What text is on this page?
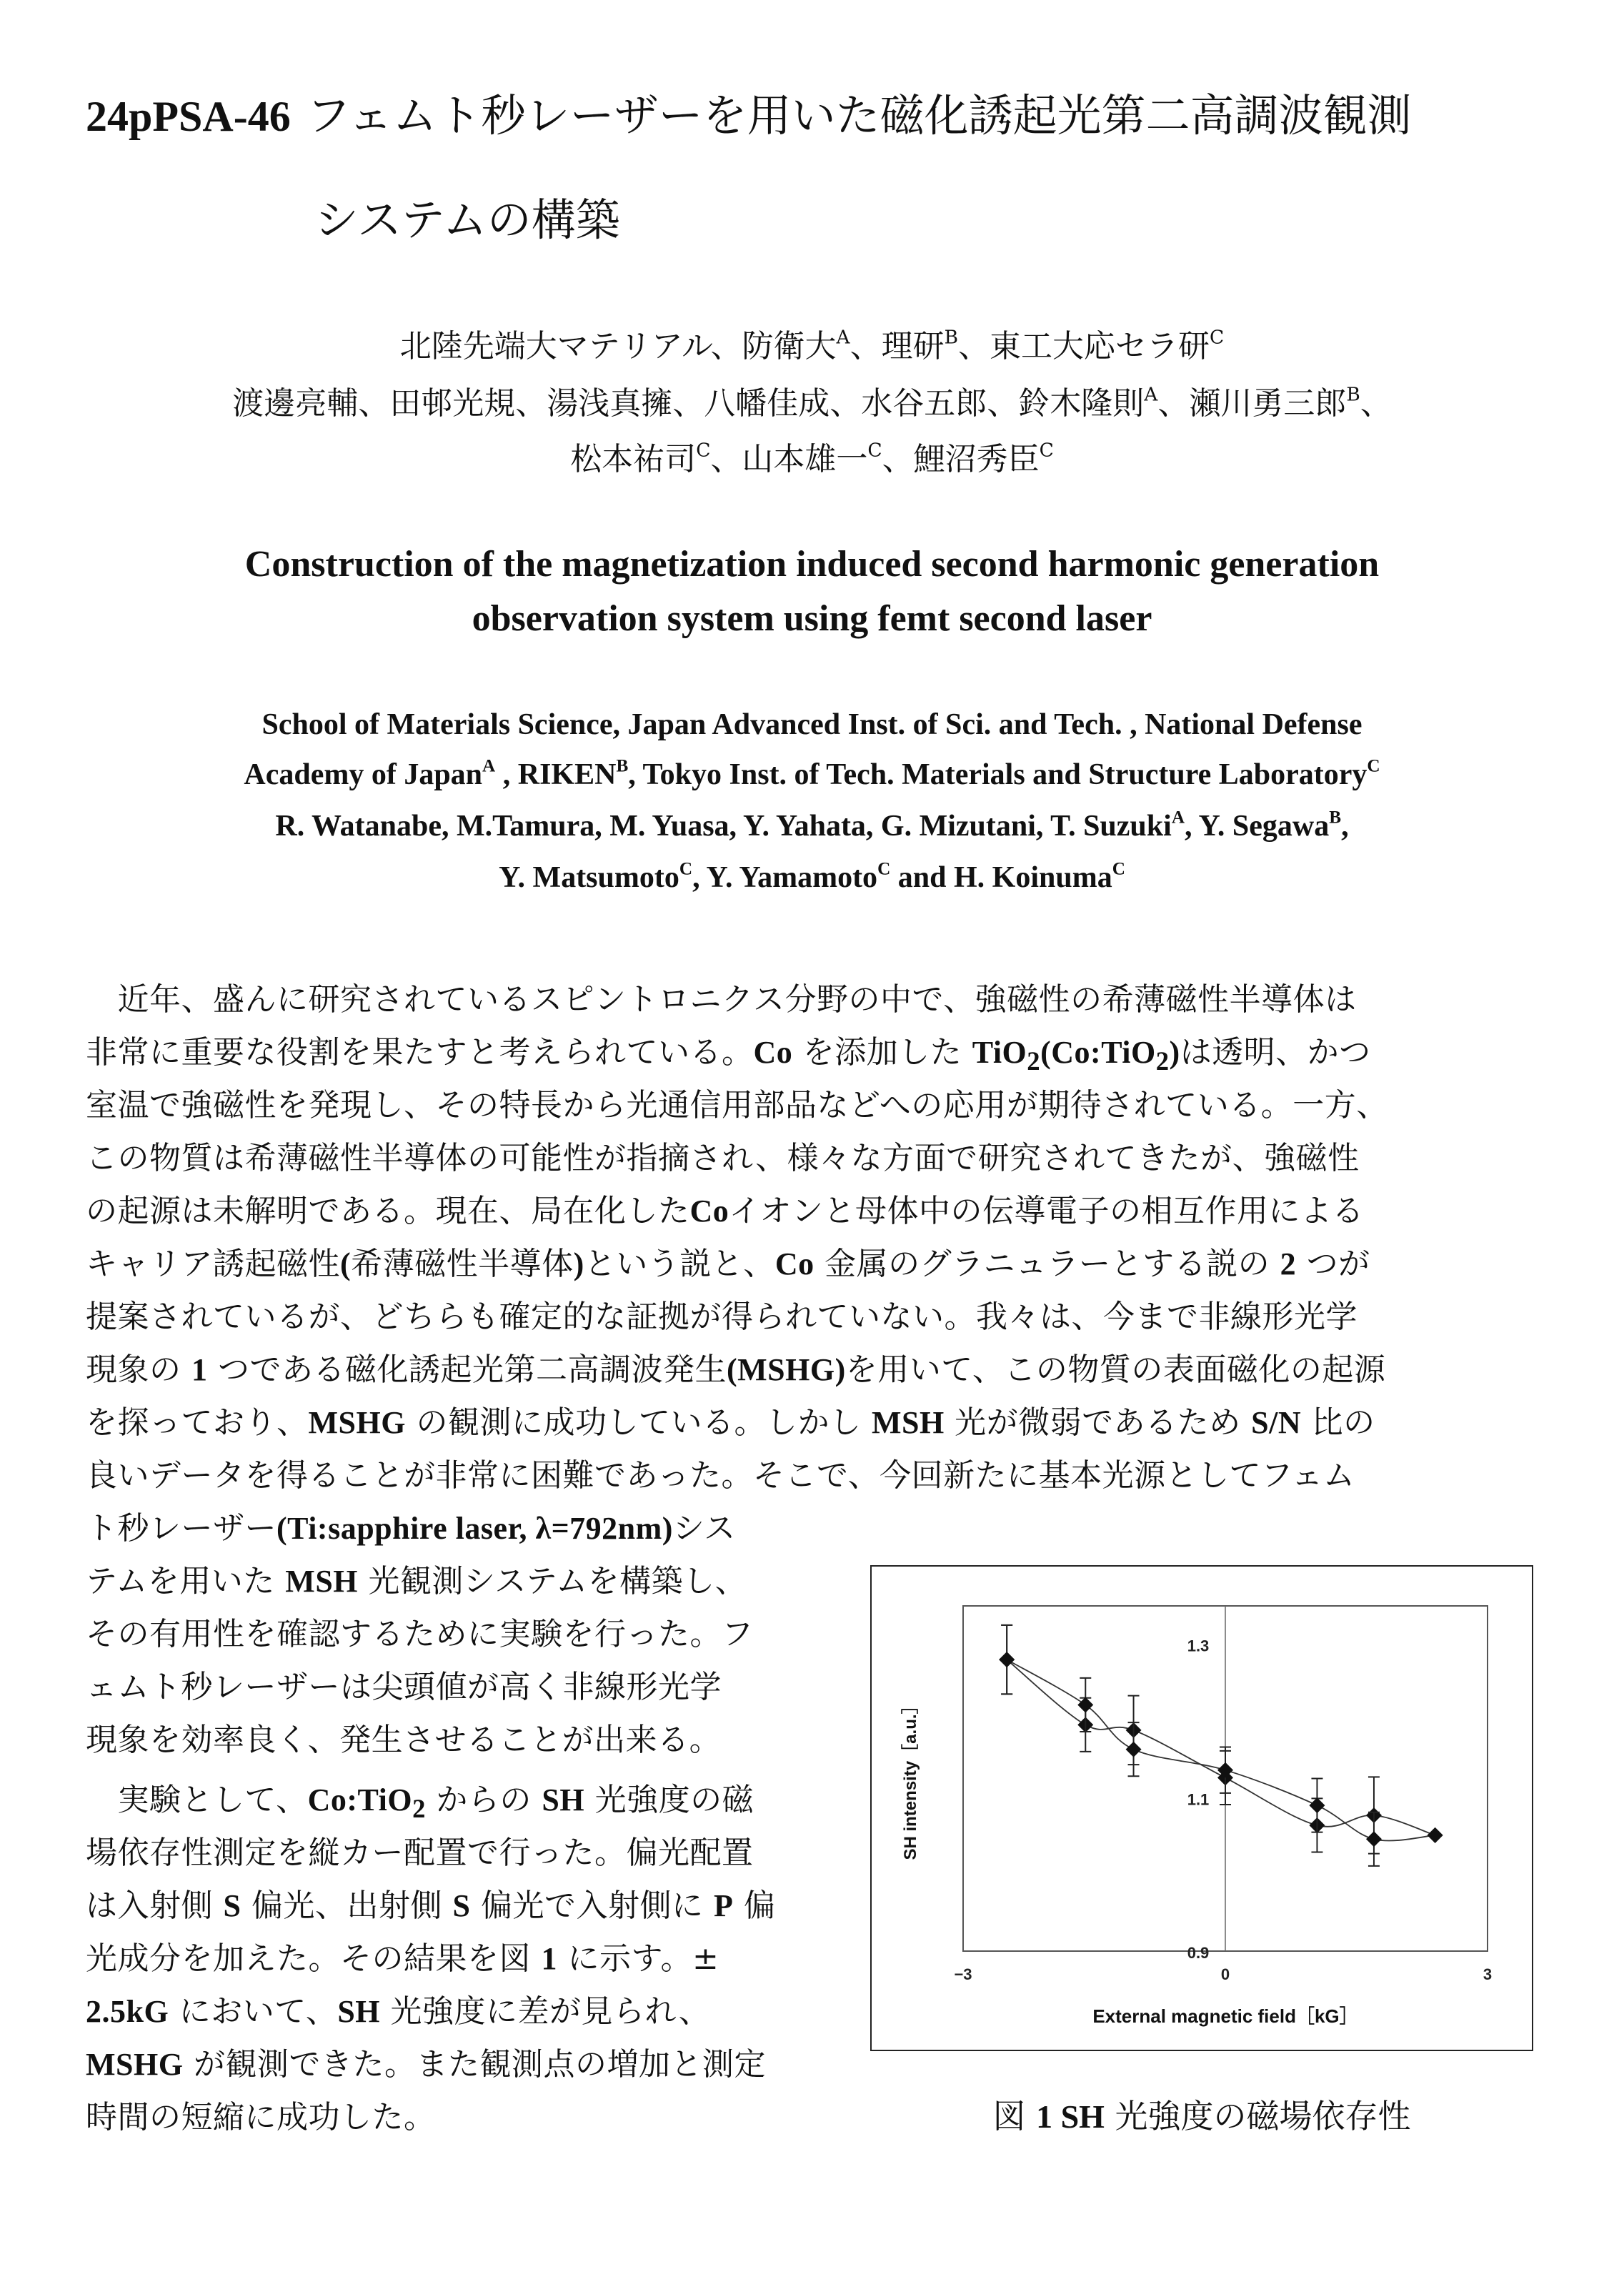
24pPSA-46 フェムト秒レーザーを用いた磁化誘起光第二高調波観測
システムの構築
北陸先端大マテリアル、防衛大$^A$、理研$^B$、東工大応セラ研$^C$
渡邊亮輔、田邨光規、湯浅真擁、八幡佳成、水谷五郎、鈴木隆則$^A$、瀬川勇三郎$^B$、
松本祐司$^C$、山本雄一$^C$、鯉沼秀臣$^C$
Construction of the magnetization induced second harmonic generation
observation system using femt second laser
School of Materials Science, Japan Advanced Inst. of Sci. and Tech. , National Defense
Academy of Japan$^A$ , $RIKEN^B$, Tokyo Inst. of Tech. Materials and Structure Laboratory$^C$
R. Watanabe, M.Tamura, M. Yuasa, Y. Yahata, G. Mizutani, T. Suzuki$^A$, Y. Segawa$^B$,
Y. Matsumoto$^C$, Y. Yamamoto$^C$ and H. Koinuma$^C$
　近年、盛んに研究されているスピントロニクス分野の中で、強磁性の希薄磁性半導体は
非常に重要な役割を果たすと考えられている。Co を添加した TiO$_2$(Co:TiO$_2$)は透明、かつ
室温で強磁性を発現し、その特長から光通信用部品などへの応用が期待されている。一方、
この物質は希薄磁性半導体の可能性が指摘され、様々な方面で研究されてきたが、強磁性
の起源は未解明である。現在、局在化したCoイオンと母体中の伝導電子の相互作用による
キャリア誘起磁性(希薄磁性半導体)という説と、Co 金属のグラニュラーとする説の 2 つが
提案されているが、どちらも確定的な証拠が得られていない。我々は、今まで非線形光学
現象の 1 つである磁化誘起光第二高調波発生(MSHG)を用いて、この物質の表面磁化の起源
を探っており、MSHG の観測に成功している。しかし MSH 光が微弱であるため S/N 比の
良いデータを得ることが非常に困難であった。そこで、今回新たに基本光源としてフェム
ト秒レーザー(Ti:sapphire laser, λ=792nm)シス
テムを用いた MSH 光観測システムを構築し、
その有用性を確認するために実験を行った。フ
ェムト秒レーザーは尖頭値が高く非線形光学
現象を効率良く、発生させることが出来る。
　実験として、Co:TiO$_2$ からの SH 光強度の磁
場依存性測定を縦カー配置で行った。偏光配置
は入射側 S 偏光、出射側 S 偏光で入射側に P 偏
光成分を加えた。その結果を図 1 に示す。±
2.5kG において、SH 光強度に差が見られ、
MSHG が観測できた。また観測点の増加と測定
時間の短縮に成功した。
1.3
1.1
0.9
−3	0	3
External magnetic field［kG］
SH intensity［a.u.］
図 1 SH 光強度の磁場依存性
